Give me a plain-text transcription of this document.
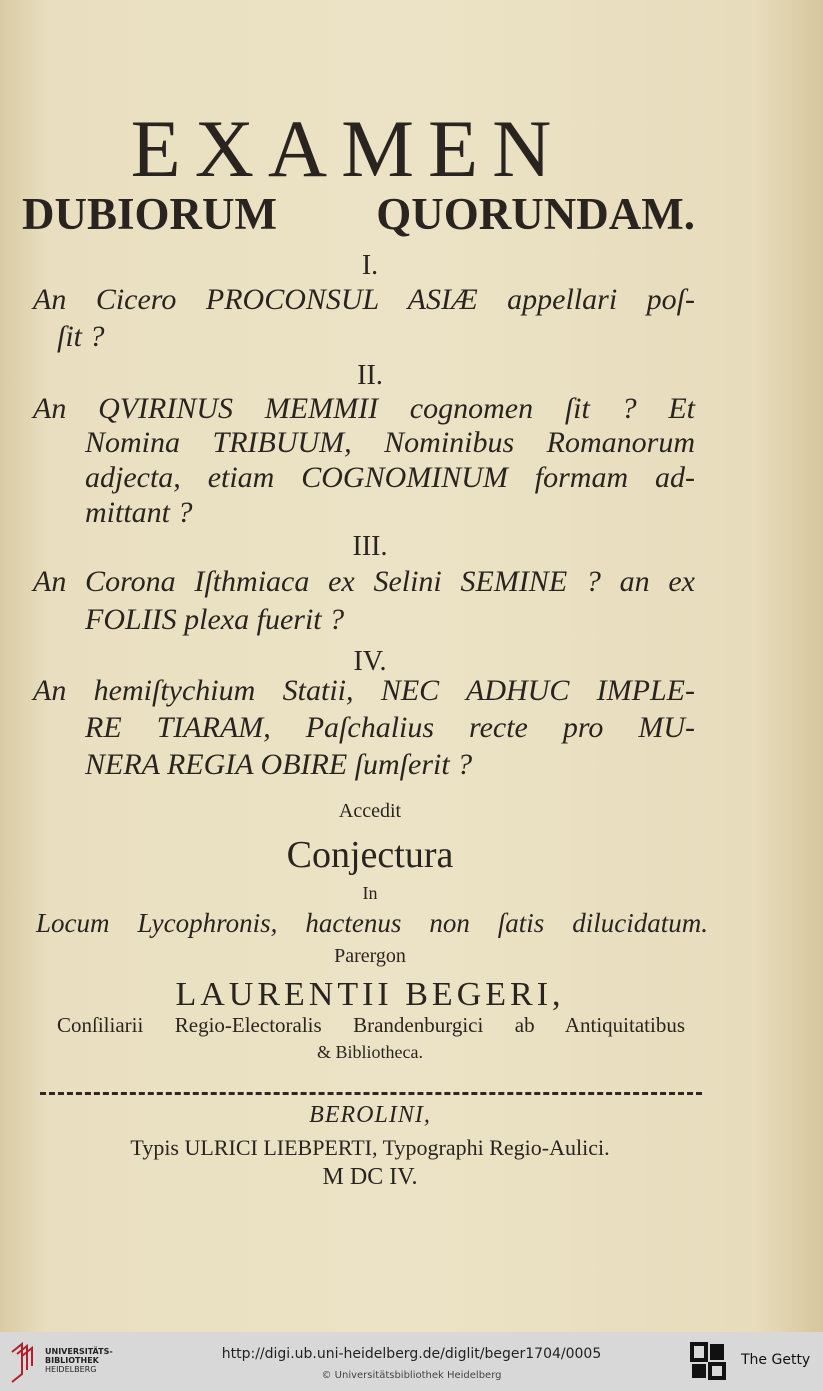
EXAMEN
DUBIORUM QUORUNDAM.
I.
An Cicero PROCONSUL ASIÆ appellari poſ-
ſit ?
II.
An QVIRINUS MEMMII cognomen ſit ? Et
Nomina TRIBUUM, Nominibus Romanorum
adjecta, etiam COGNOMINUM formam ad-
mittant ?
III.
An Corona Iſthmiaca ex Selini SEMINE ? an ex
FOLIIS plexa fuerit ?
IV.
An hemiſtychium Statii, NEC ADHUC IMPLE-
RE TIARAM, Paſchalius recte pro MU-
NERA REGIA OBIRE ſumſerit ?
Accedit
Conjectura
In
Locum Lycophronis, hactenus non ſatis dilucidatum.
Parergon
LAURENTII BEGERI,
Conſiliarii Regio-Electoralis Brandenburgici ab Antiquitatibus
& Bibliotheca.
BEROLINI,
Typis ULRICI LIEBPERTI, Typographi Regio-Aulici.
M DC IV.
UNIVERSITÄTS-
BIBLIOTHEK
HEIDELBERG
http://digi.ub.uni-heidelberg.de/diglit/beger1704/0005
© Universitätsbibliothek Heidelberg
The Getty
